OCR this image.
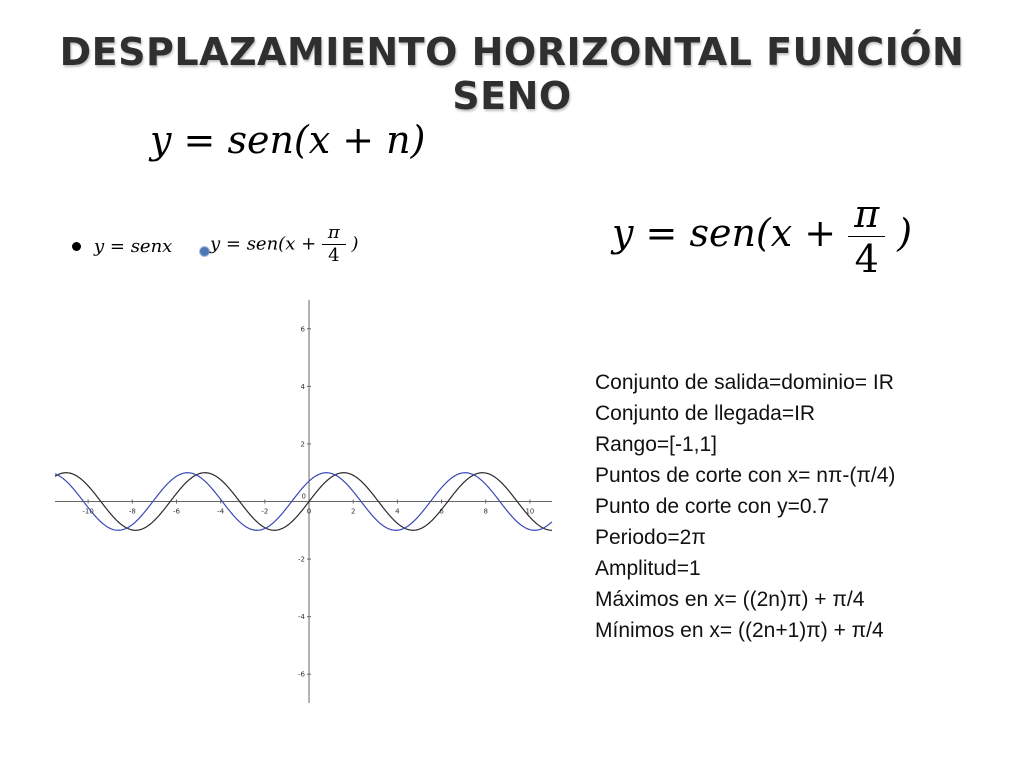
DESPLAZAMIENTO HORIZONTAL FUNCIÓN SENO
y = sen(x + n)
$y = sen(x + \frac{\pi}{4}$ )
y = senx $y = sen(x + \frac{\pi}{4}$ )
-10	-8	-6	-4	-2	0	2	4	6	8	10
0
-6
-4
-2
2
4
6
Conjunto de salida=dominio= IR
Conjunto de llegada=IR
Rango=[-1,1]
Puntos de corte con x= nπ-(π/4)
Punto de corte con y=0.7
Periodo=2π
Amplitud=1
Máximos en x= ((2n)π) + π/4
Mínimos en x= ((2n+1)π) + π/4
